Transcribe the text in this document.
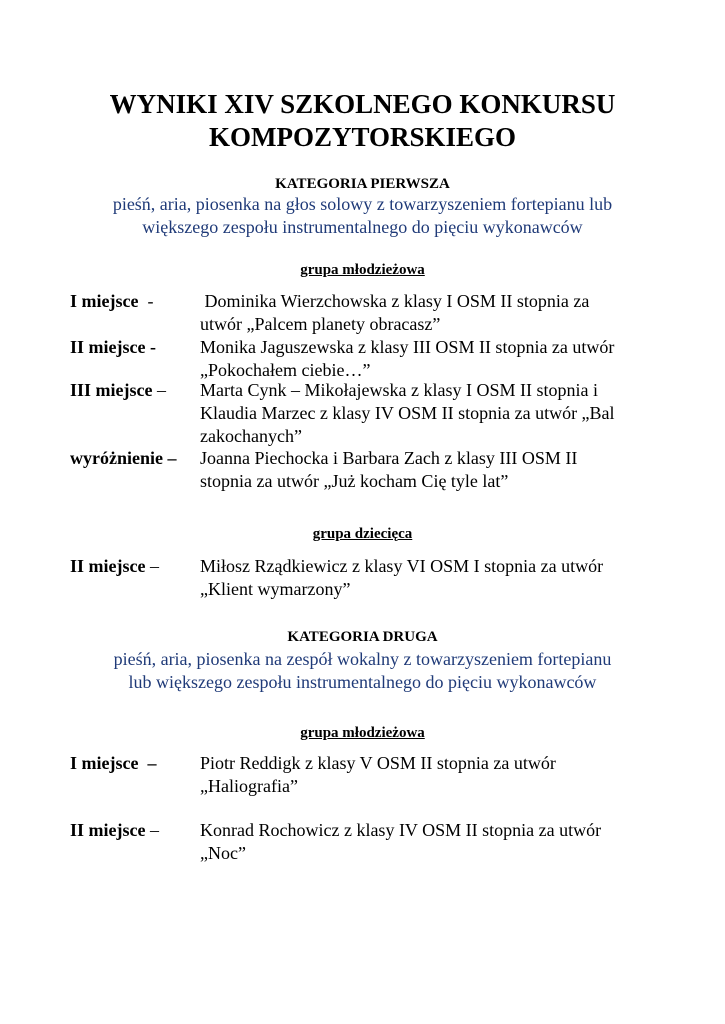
WYNIKI XIV SZKOLNEGO KONKURSU
KOMPOZYTORSKIEGO
KATEGORIA PIERWSZA
pieśń, aria, piosenka na głos solowy z towarzyszeniem fortepianu lub
większego zespołu instrumentalnego do pięciu wykonawców
grupa młodzieżowa
I miejsce  -	Dominika Wierzchowska z klasy I OSM II stopnia za
utwór „Palcem planety obracasz”
II miejsce -	Monika Jaguszewska z klasy III OSM II stopnia za utwór
„Pokochałem ciebie…”
III miejsce –	Marta Cynk – Mikołajewska z klasy I OSM II stopnia i
Klaudia Marzec z klasy IV OSM II stopnia za utwór „Bal
zakochanych”
wyróżnienie –	Joanna Piechocka i Barbara Zach z klasy III OSM II
stopnia za utwór „Już kocham Cię tyle lat”
grupa dziecięca
II miejsce –	Miłosz Rządkiewicz z klasy VI OSM I stopnia za utwór
„Klient wymarzony”
KATEGORIA DRUGA
pieśń, aria, piosenka na zespół wokalny z towarzyszeniem fortepianu
lub większego zespołu instrumentalnego do pięciu wykonawców
grupa młodzieżowa
I miejsce  –	Piotr Reddigk z klasy V OSM II stopnia za utwór
„Haliografia”
II miejsce –	Konrad Rochowicz z klasy IV OSM II stopnia za utwór
„Noc”
